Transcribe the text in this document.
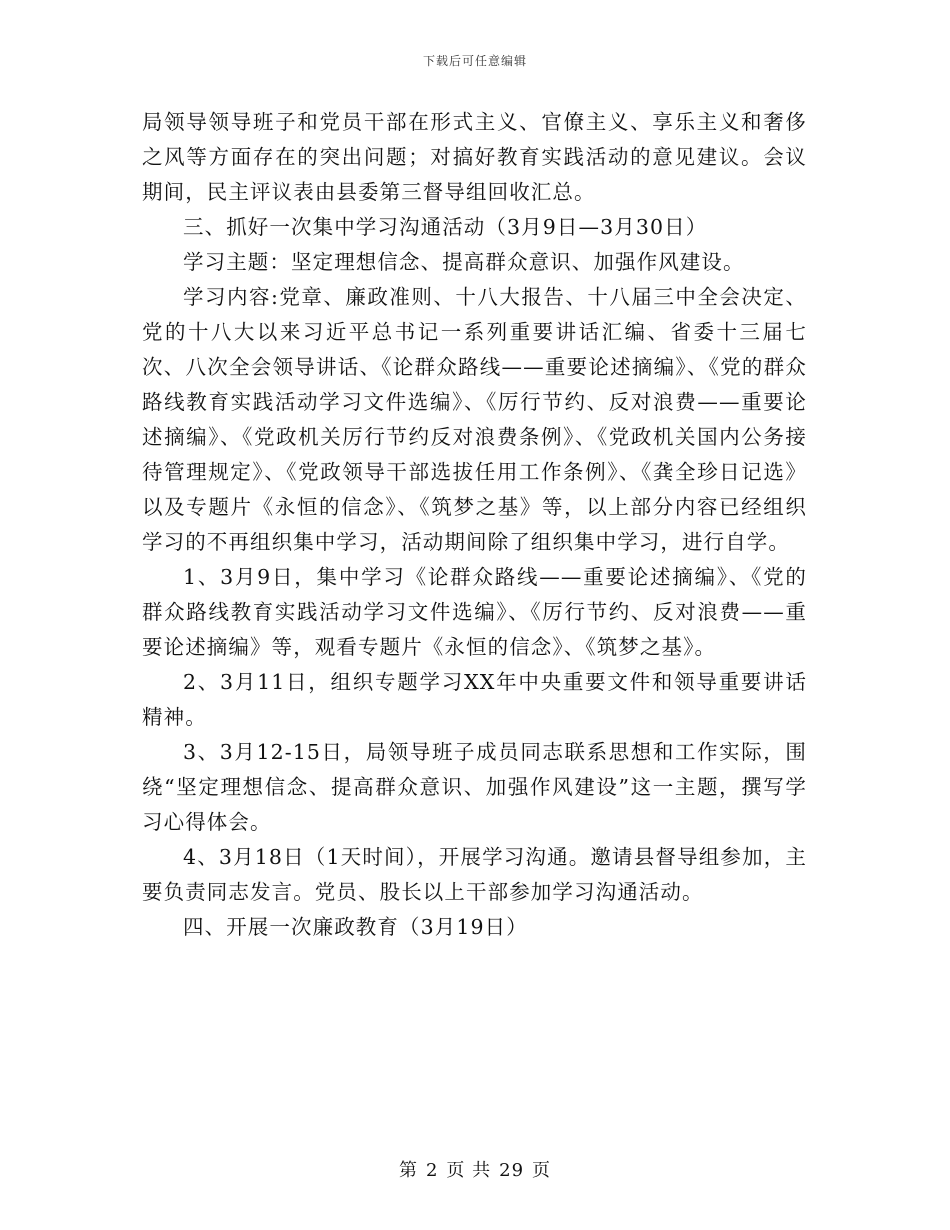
下载后可任意编辑

局领导领导班子和党员干部在形式主义、官僚主义、享乐主义和奢侈之风等方面存在的突出问题；对搞好教育实践活动的意见建议。会议期间，民主评议表由县委第三督导组回收汇总。

三、抓好一次集中学习沟通活动（3月9日—3月30日）

学习主题：坚定理想信念、提高群众意识、加强作风建设。

学习内容:党章、廉政准则、十八大报告、十八届三中全会决定、党的十八大以来习近平总书记一系列重要讲话汇编、省委十三届七次、八次全会领导讲话、《论群众路线——重要论述摘编》、《党的群众路线教育实践活动学习文件选编》、《厉行节约、反对浪费——重要论述摘编》、《党政机关厉行节约反对浪费条例》、《党政机关国内公务接待管理规定》、《党政领导干部选拔任用工作条例》、《龚全珍日记选》以及专题片《永恒的信念》、《筑梦之基》等，以上部分内容已经组织学习的不再组织集中学习，活动期间除了组织集中学习，进行自学。

1、3月9日，集中学习《论群众路线——重要论述摘编》、《党的群众路线教育实践活动学习文件选编》、《厉行节约、反对浪费——重要论述摘编》等，观看专题片《永恒的信念》、《筑梦之基》。

2、3月11日，组织专题学习XX年中央重要文件和领导重要讲话精神。

3、3月12-15日，局领导班子成员同志联系思想和工作实际，围绕“坚定理想信念、提高群众意识、加强作风建设”这一主题，撰写学习心得体会。

4、3月18日（1天时间），开展学习沟通。邀请县督导组参加，主要负责同志发言。党员、股长以上干部参加学习沟通活动。

四、开展一次廉政教育（3月19日）

第 2 页 共 29 页
